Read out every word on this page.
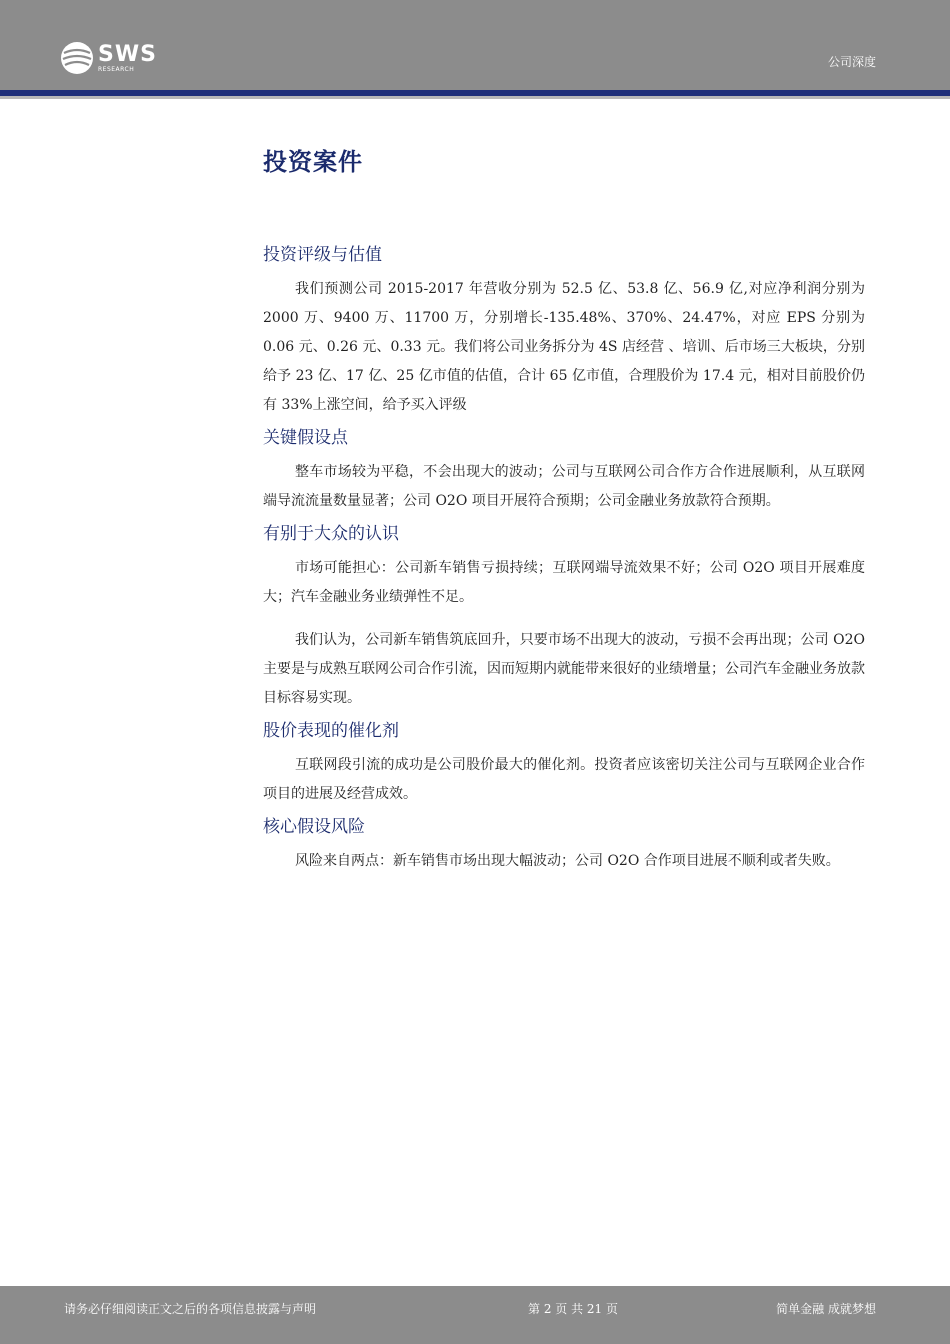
SWS
RESEARCH	公司深度
投资案件
投资评级与估值

我们预测公司 2015-2017 年营收分别为 52.5 亿、53.8 亿、56.9 亿,对应净利润分别为 2000 万、9400 万、11700 万，分别增长-135.48%、370%、24.47%，对应 EPS 分别为 0.06 元、0.26 元、0.33 元。我们将公司业务拆分为 4S 店经营 、培训、后市场三大板块，分别给予 23 亿、17 亿、25 亿市值的估值，合计 65 亿市值，合理股价为 17.4 元，相对目前股价仍有 33%上涨空间，给予买入评级

关键假设点

整车市场较为平稳，不会出现大的波动；公司与互联网公司合作方合作进展顺利，从互联网端导流流量数量显著；公司 O2O 项目开展符合预期；公司金融业务放款符合预期。

有别于大众的认识

市场可能担心：公司新车销售亏损持续；互联网端导流效果不好；公司 O2O 项目开展难度大；汽车金融业务业绩弹性不足。

我们认为，公司新车销售筑底回升，只要市场不出现大的波动，亏损不会再出现；公司 O2O 主要是与成熟互联网公司合作引流，因而短期内就能带来很好的业绩增量；公司汽车金融业务放款目标容易实现。

股价表现的催化剂

互联网段引流的成功是公司股价最大的催化剂。投资者应该密切关注公司与互联网企业合作项目的进展及经营成效。

核心假设风险

风险来自两点：新车销售市场出现大幅波动；公司 O2O 合作项目进展不顺利或者失败。

请务必仔细阅读正文之后的各项信息披露与声明	第 2 页 共 21 页	简单金融 成就梦想
